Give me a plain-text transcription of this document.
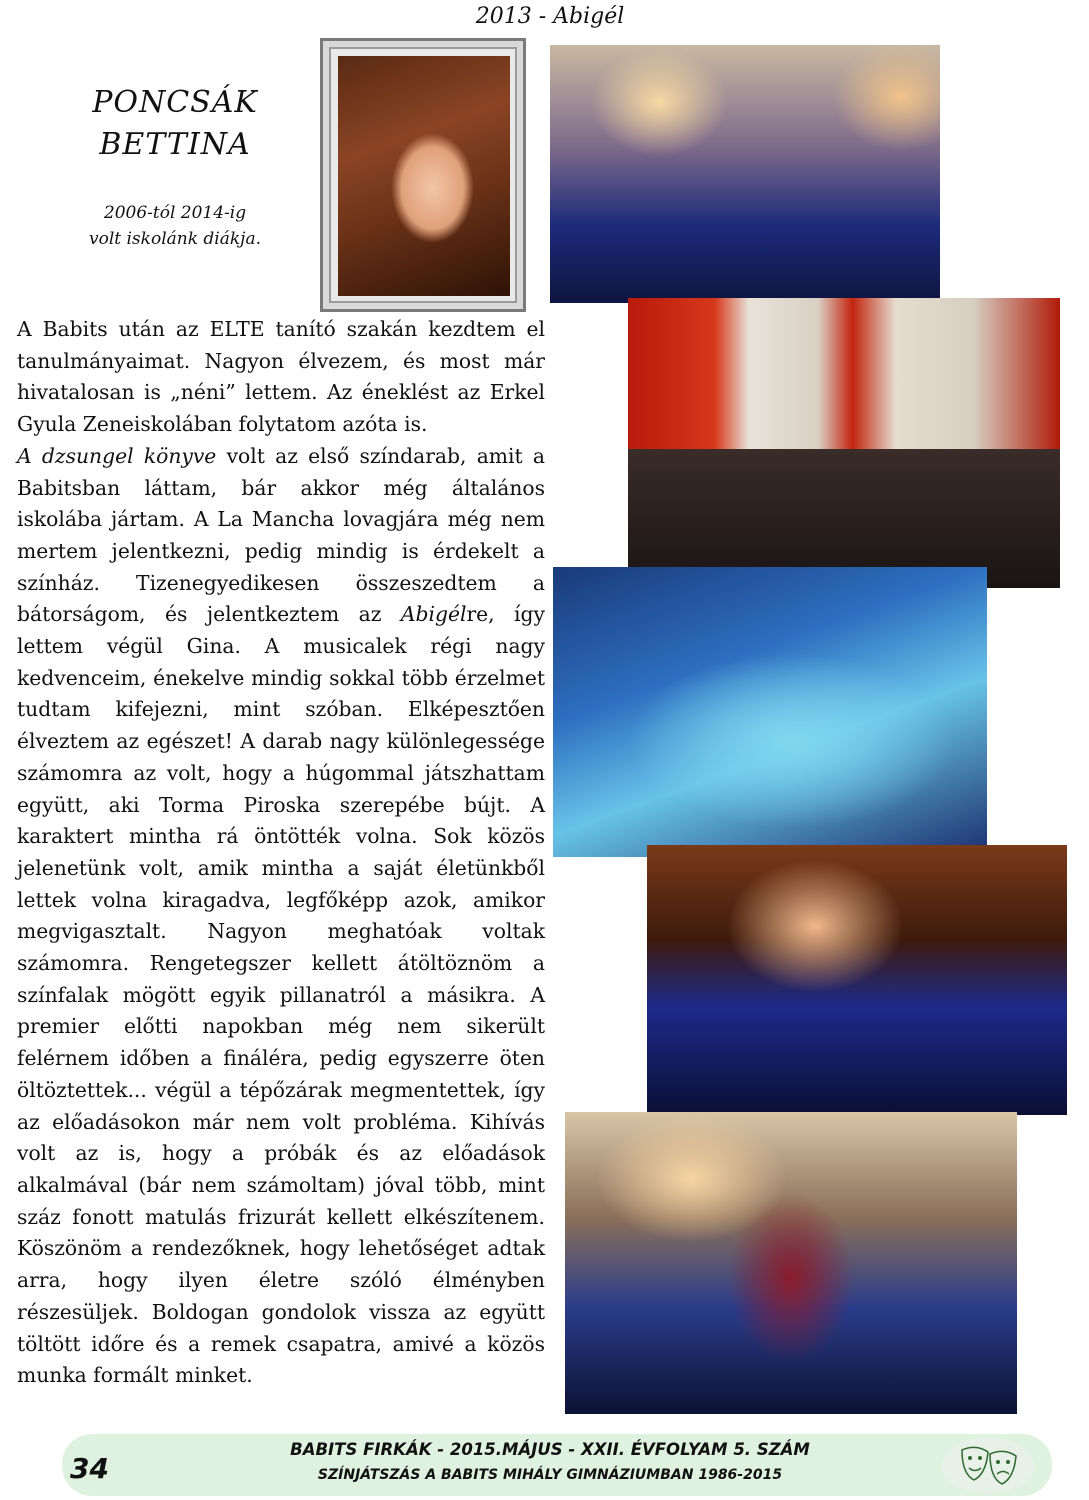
2013 - Abigél
PONCSÁK
BETTINA
2006-tól 2014-ig
volt iskolánk diákja.

A Babits után az ELTE tanító szakán kezdtem el tanulmányaimat. Nagyon élvezem, és most már hivatalosan is „néni” lettem. Az éneklést az Erkel Gyula Zeneiskolában folytatom azóta is.

A dzsungel könyve volt az első színdarab, amit a Babitsban láttam, bár akkor még általános iskolába jártam. A La Mancha lovagjára még nem mertem jelentkezni, pedig mindig is érdekelt a színház. Tizenegyedikesen összeszedtem a bátorságom, és jelentkeztem az Abigélre, így lettem végül Gina. A musicalek régi nagy kedvenceim, énekelve mindig sokkal több érzelmet tudtam kifejezni, mint szóban. Elképesztően élveztem az egészet! A darab nagy különlegessége számomra az volt, hogy a húgommal játszhattam együtt, aki Torma Piroska szerepébe bújt. A karaktert mintha rá öntötték volna. Sok közös jelenetünk volt, amik mintha a saját életünkből lettek volna kiragadva, legfőképp azok, amikor megvigasztalt. Nagyon meghatóak voltak számomra. Rengetegszer kellett átöltöznöm a színfalak mögött egyik pillanatról a másikra. A premier előtti napokban még nem sikerült felérnem időben a fináléra, pedig egyszerre öten öltöztettek... végül a tépőzárak megmentettek, így az előadásokon már nem volt probléma. Kihívás volt az is, hogy a próbák és az előadások alkalmával (bár nem számoltam) jóval több, mint száz fonott matulás frizurát kellett elkészítenem. Köszönöm a rendezőknek, hogy lehetőséget adtak arra, hogy ilyen életre szóló élményben részesüljek. Boldogan gondolok vissza az együtt töltött időre és a remek csapatra, amivé a közös munka formált minket.

34
BABITS FIRKÁK - 2015.MÁJUS - XXII. ÉVFOLYAM 5. SZÁM
SZÍNJÁTSZÁS A BABITS MIHÁLY GIMNÁZIUMBAN 1986-2015
